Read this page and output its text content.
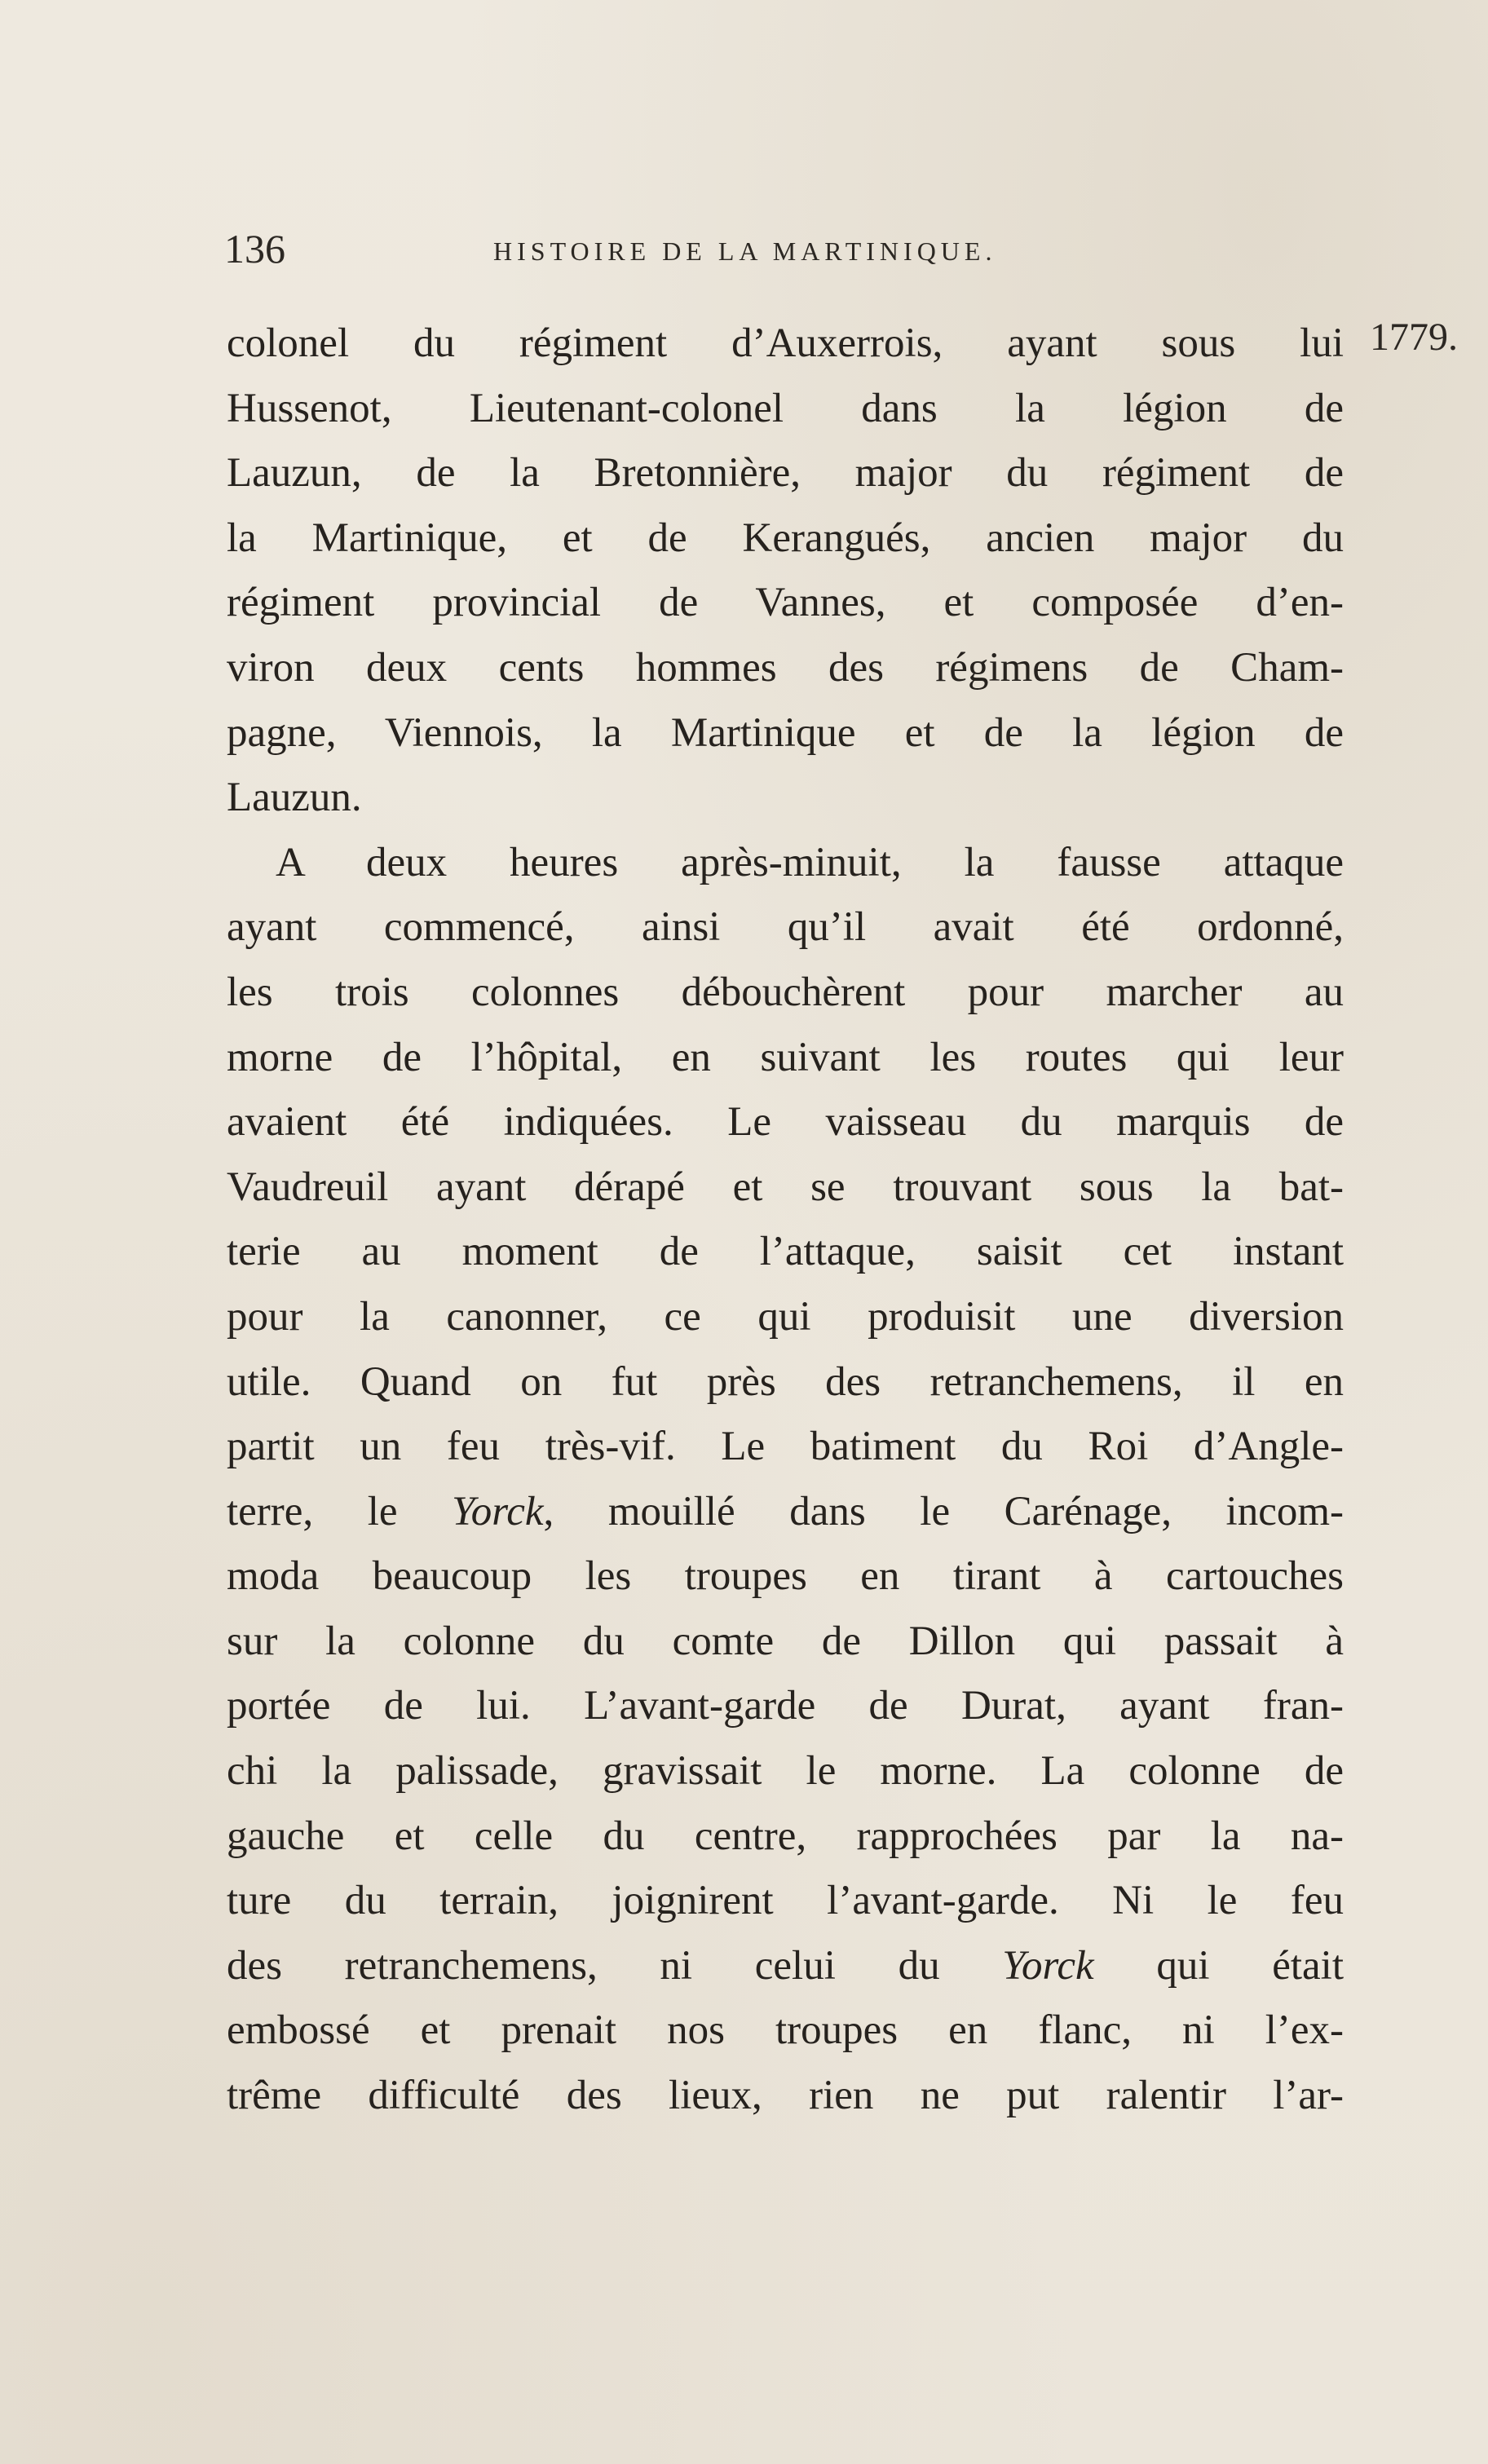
136	HISTOIRE DE LA MARTINIQUE.
1779.
colonel du régiment d’Auxerrois, ayant sous lui
Hussenot, Lieutenant-colonel dans la légion de
Lauzun, de la Bretonnière, major du régiment de
la Martinique, et de Kerangués, ancien major du
régiment provincial de Vannes, et composée d’en-
viron deux cents hommes des régimens de Cham-
pagne, Viennois, la Martinique et de la légion de
Lauzun.
A deux heures après-minuit, la fausse attaque
ayant commencé, ainsi qu’il avait été ordonné,
les trois colonnes débouchèrent pour marcher au
morne de l’hôpital, en suivant les routes qui leur
avaient été indiquées. Le vaisseau du marquis de
Vaudreuil ayant dérapé et se trouvant sous la bat-
terie au moment de l’attaque, saisit cet instant
pour la canonner, ce qui produisit une diversion
utile. Quand on fut près des retranchemens, il en
partit un feu très-vif. Le batiment du Roi d’Angle-
terre, le Yorck, mouillé dans le Carénage, incom-
moda beaucoup les troupes en tirant à cartouches
sur la colonne du comte de Dillon qui passait à
portée de lui. L’avant-garde de Durat, ayant fran-
chi la palissade, gravissait le morne. La colonne de
gauche et celle du centre, rapprochées par la na-
ture du terrain, joignirent l’avant-garde. Ni le feu
des retranchemens, ni celui du Yorck qui était
embossé et prenait nos troupes en flanc, ni l’ex-
trême difficulté des lieux, rien ne put ralentir l’ar-
